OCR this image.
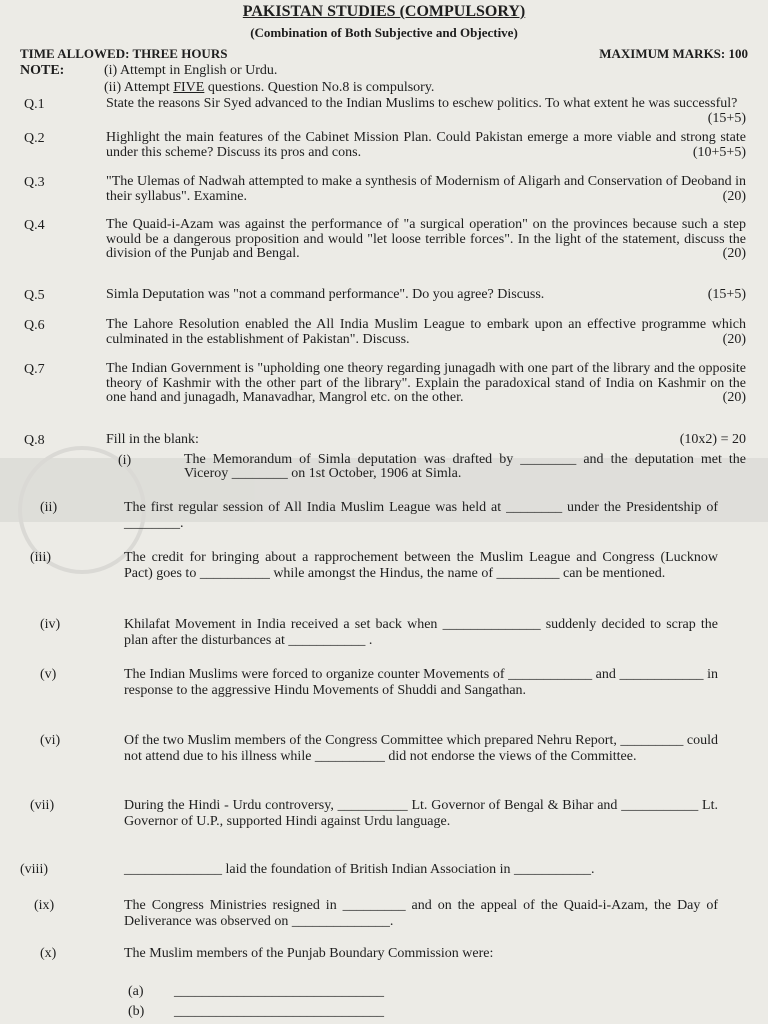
PAKISTAN STUDIES (COMPULSORY)
(Combination of Both Subjective and Objective)
TIME ALLOWED: THREE HOURS	MAXIMUM MARKS: 100
NOTE:	(i) Attempt in English or Urdu.
(ii) Attempt FIVE questions. Question No.8 is compulsory.
Q.1	State the reasons Sir Syed advanced to the Indian Muslims to eschew politics. To what extent he was successful?
(15+5)
Q.2	Highlight the main features of the Cabinet Mission Plan. Could Pakistan emerge a more viable and strong state under this scheme? Discuss its pros and cons.	(10+5+5)
Q.3	"The Ulemas of Nadwah attempted to make a synthesis of Modernism of Aligarh and Conservation of Deoband in their syllabus". Examine.	(20)
Q.4	The Quaid-i-Azam was against the performance of "a surgical operation" on the provinces because such a step would be a dangerous proposition and would "let loose terrible forces". In the light of the statement, discuss the division of the Punjab and Bengal.	(20)
Q.5	Simla Deputation was "not a command performance". Do you agree? Discuss.	(15+5)
Q.6	The Lahore Resolution enabled the All India Muslim League to embark upon an effective programme which culminated in the establishment of Pakistan". Discuss.	(20)
Q.7	The Indian Government is "upholding one theory regarding junagadh with one part of the library and the opposite theory of Kashmir with the other part of the library". Explain the paradoxical stand of India on Kashmir on the one hand and junagadh, Manavadhar, Mangrol etc. on the other.	(20)
Q.8	Fill in the blank:	(10x2) = 20
(i)	The Memorandum of Simla deputation was drafted by ________ and the deputation met the Viceroy ________ on 1st October, 1906 at Simla.
(ii)	The first regular session of All India Muslim League was held at ________ under the Presidentship of ________.
(iii)	The credit for bringing about a rapprochement between the Muslim League and Congress (Lucknow Pact) goes to __________ while amongst the Hindus, the name of _________ can be mentioned.
(iv)	Khilafat Movement in India received a set back when ______________ suddenly decided to scrap the plan after the disturbances at ___________ .
(v)	The Indian Muslims were forced to organize counter Movements of ____________ and ____________ in response to the aggressive Hindu Movements of Shuddi and Sangathan.
(vi)	Of the two Muslim members of the Congress Committee which prepared Nehru Report, _________ could not attend due to his illness while __________ did not endorse the views of the Committee.
(vii)	During the Hindi - Urdu controversy, __________ Lt. Governor of Bengal & Bihar and ___________ Lt. Governor of U.P., supported Hindi against Urdu language.
(viii)	______________ laid the foundation of British Indian Association in ___________.
(ix)	The Congress Ministries resigned in _________ and on the appeal of the Quaid-i-Azam, the Day of Deliverance was observed on ______________.
(x)	The Muslim members of the Punjab Boundary Commission were:
(a) ______________________________
(b) ______________________________
